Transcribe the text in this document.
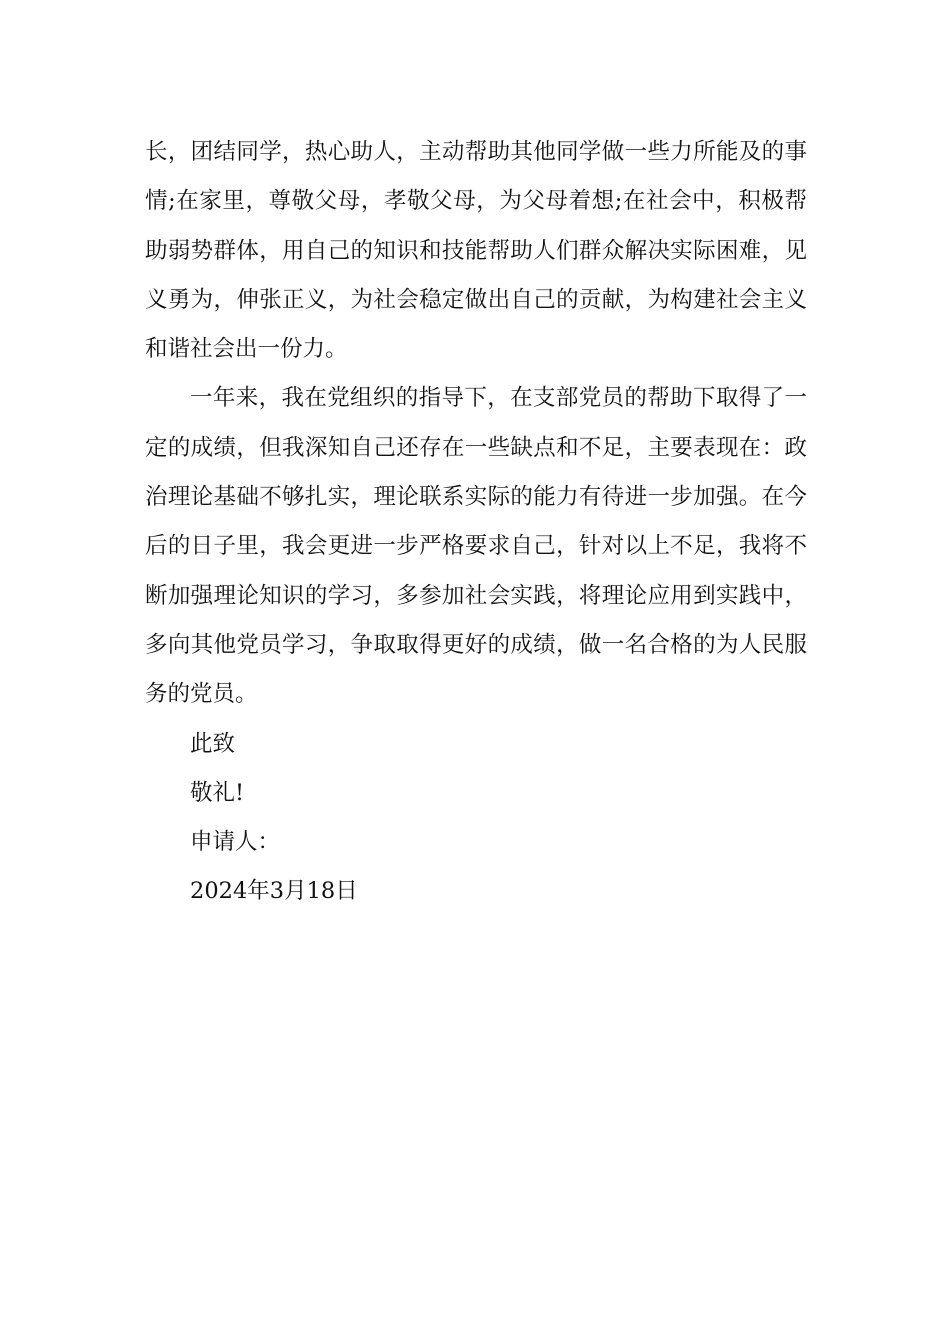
长，团结同学，热心助人，主动帮助其他同学做一些力所能及的事情;在家里，尊敬父母，孝敬父母，为父母着想;在社会中，积极帮助弱势群体，用自己的知识和技能帮助人们群众解决实际困难，见义勇为，伸张正义，为社会稳定做出自己的贡献，为构建社会主义和谐社会出一份力。

一年来，我在党组织的指导下，在支部党员的帮助下取得了一定的成绩，但我深知自己还存在一些缺点和不足，主要表现在：政治理论基础不够扎实，理论联系实际的能力有待进一步加强。在今后的日子里，我会更进一步严格要求自己，针对以上不足，我将不断加强理论知识的学习，多参加社会实践，将理论应用到实践中，多向其他党员学习，争取取得更好的成绩，做一名合格的为人民服务的党员。

此致

敬礼!

申请人：

2024年3月18日
